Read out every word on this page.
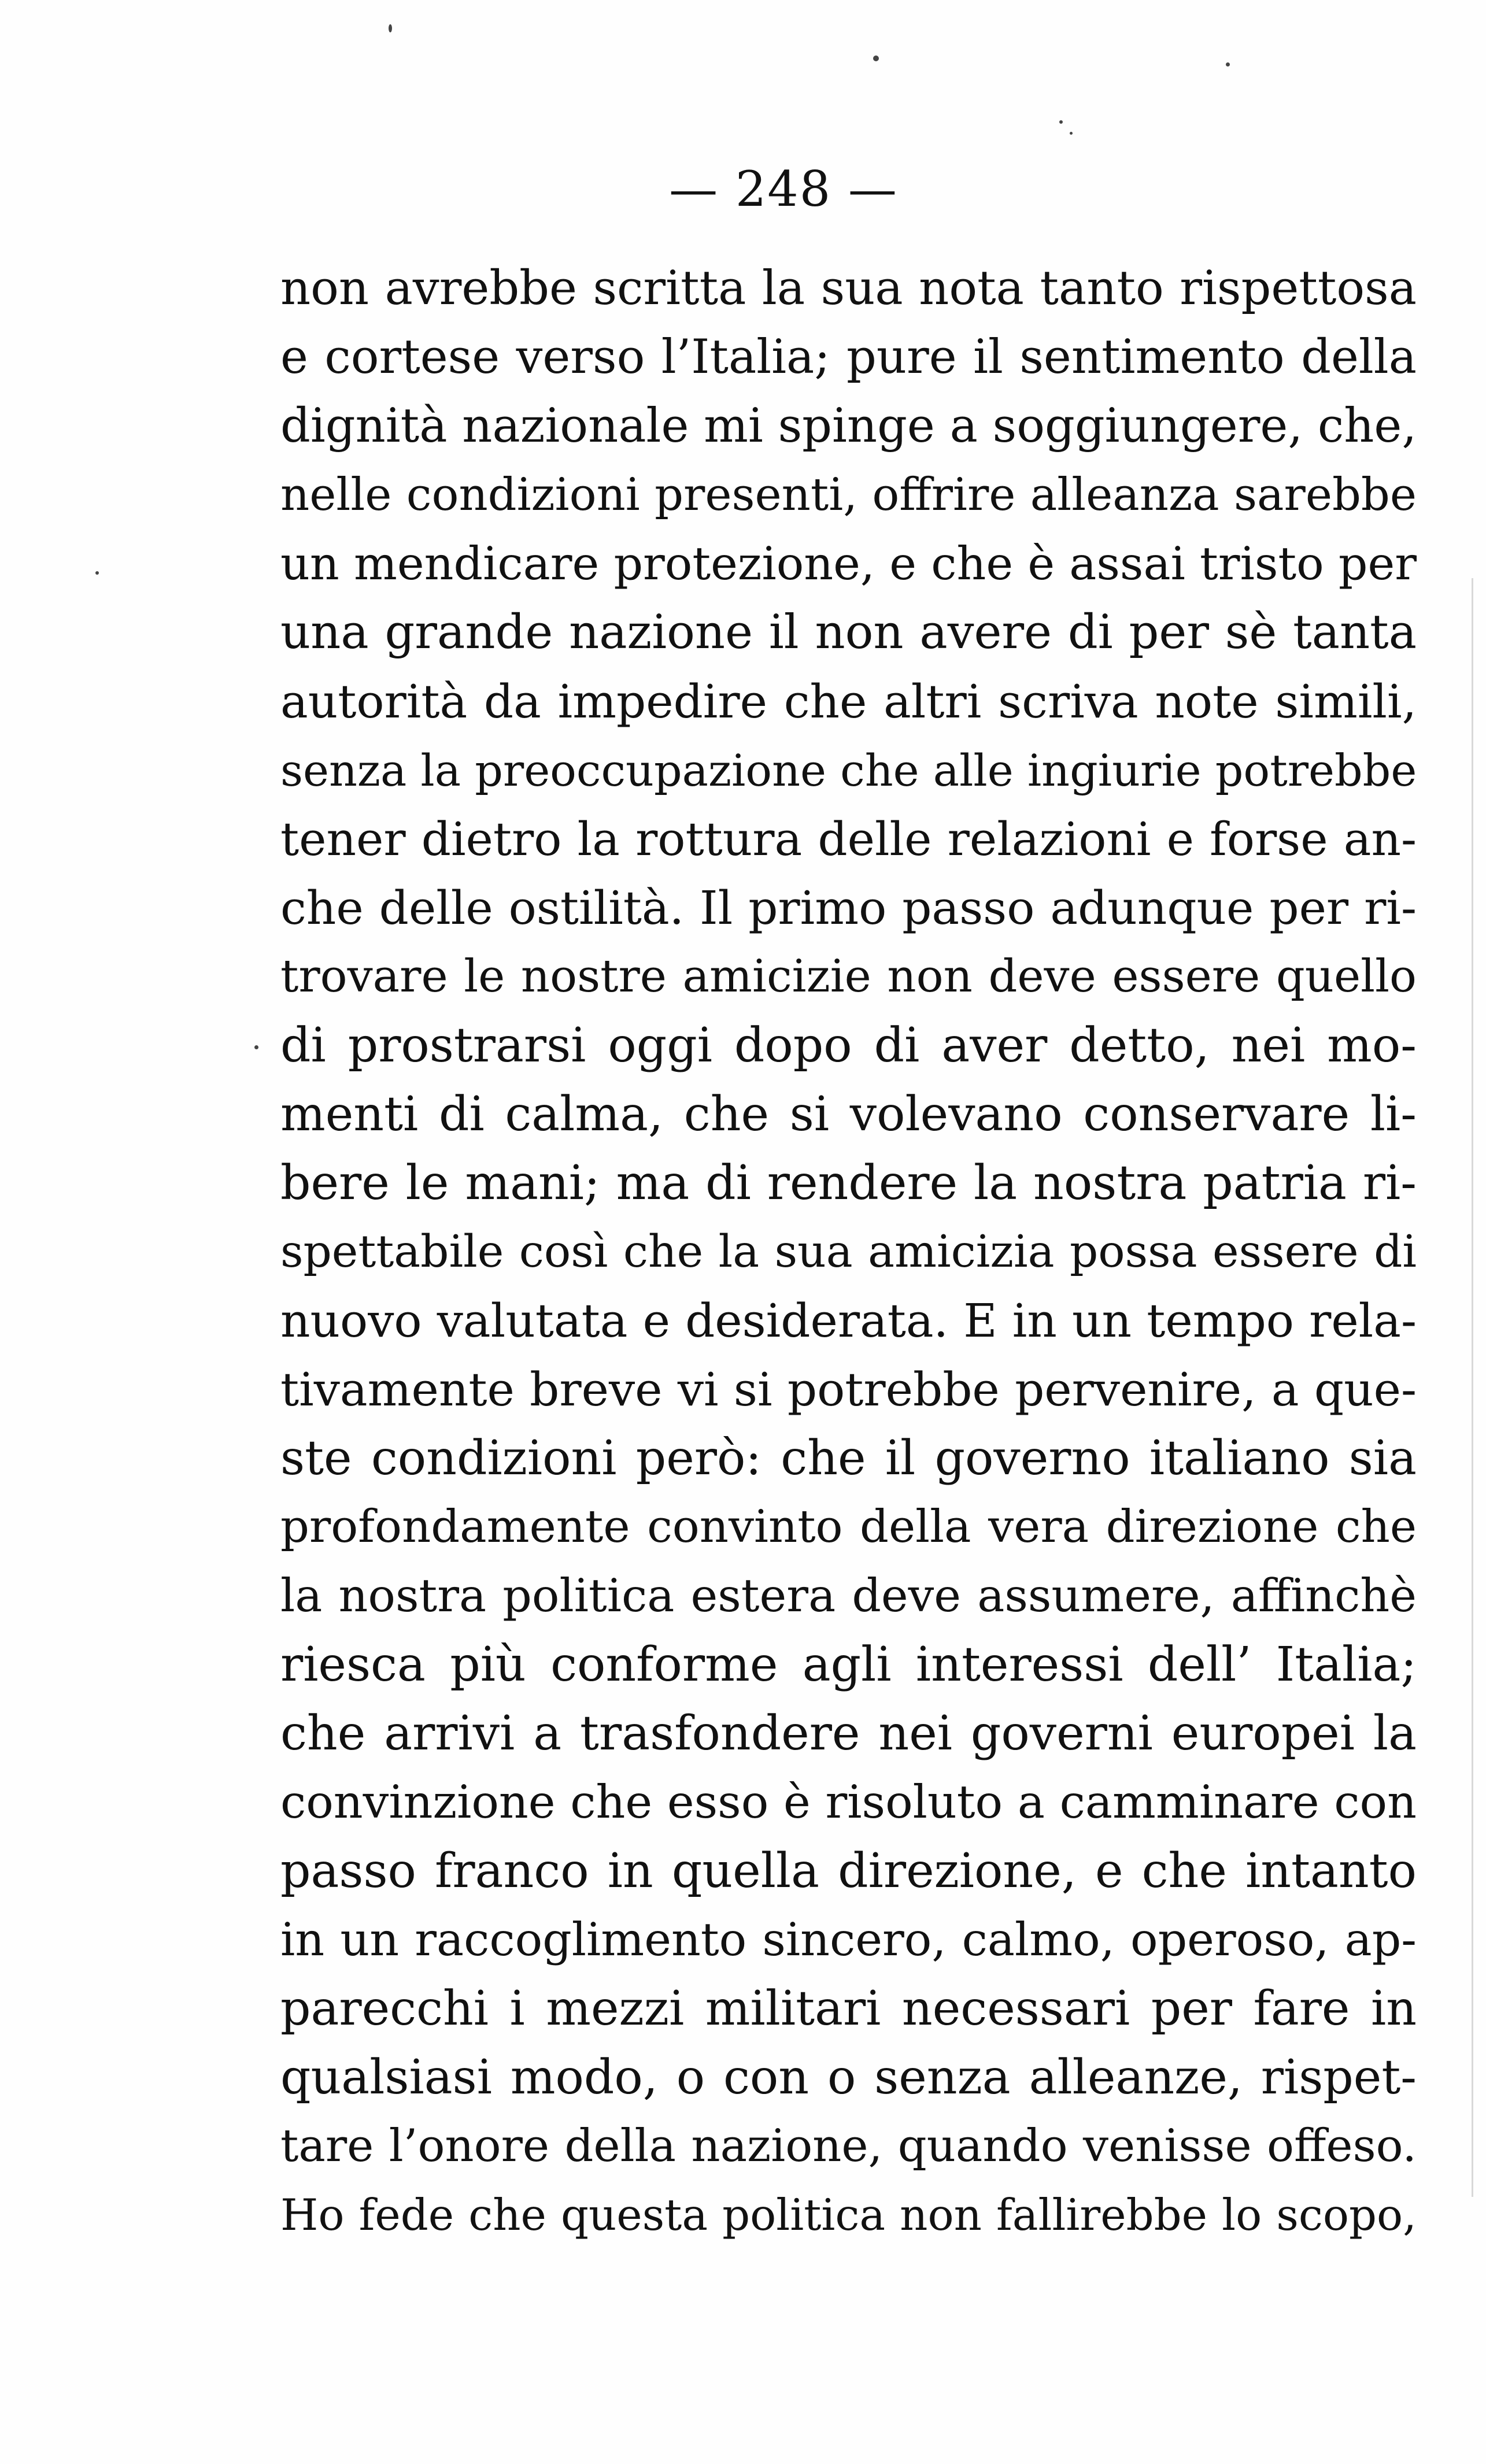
— 248 —
non avrebbe scritta la sua nota tanto rispettosa
e cortese verso l’Italia; pure il sentimento della
dignità nazionale mi spinge a soggiungere, che,
nelle condizioni presenti, offrire alleanza sarebbe
un mendicare protezione, e che è assai tristo per
una grande nazione il non avere di per sè tanta
autorità da impedire che altri scriva note simili,
senza la preoccupazione che alle ingiurie potrebbe
tener dietro la rottura delle relazioni e forse an-
che delle ostilità. Il primo passo adunque per ri-
trovare le nostre amicizie non deve essere quello
di prostrarsi oggi dopo di aver detto, nei mo-
menti di calma, che si volevano conservare li-
bere le mani; ma di rendere la nostra patria ri-
spettabile così che la sua amicizia possa essere di
nuovo valutata e desiderata. E in un tempo rela-
tivamente breve vi si potrebbe pervenire, a que-
ste condizioni però: che il governo italiano sia
profondamente convinto della vera direzione che
la nostra politica estera deve assumere, affinchè
riesca più conforme agli interessi dell’ Italia;
che arrivi a trasfondere nei governi europei la
convinzione che esso è risoluto a camminare con
passo franco in quella direzione, e che intanto
in un raccoglimento sincero, calmo, operoso, ap-
parecchi i mezzi militari necessari per fare in
qualsiasi modo, o con o senza alleanze, rispet-
tare l’onore della nazione, quando venisse offeso.
Ho fede che questa politica non fallirebbe lo scopo,
